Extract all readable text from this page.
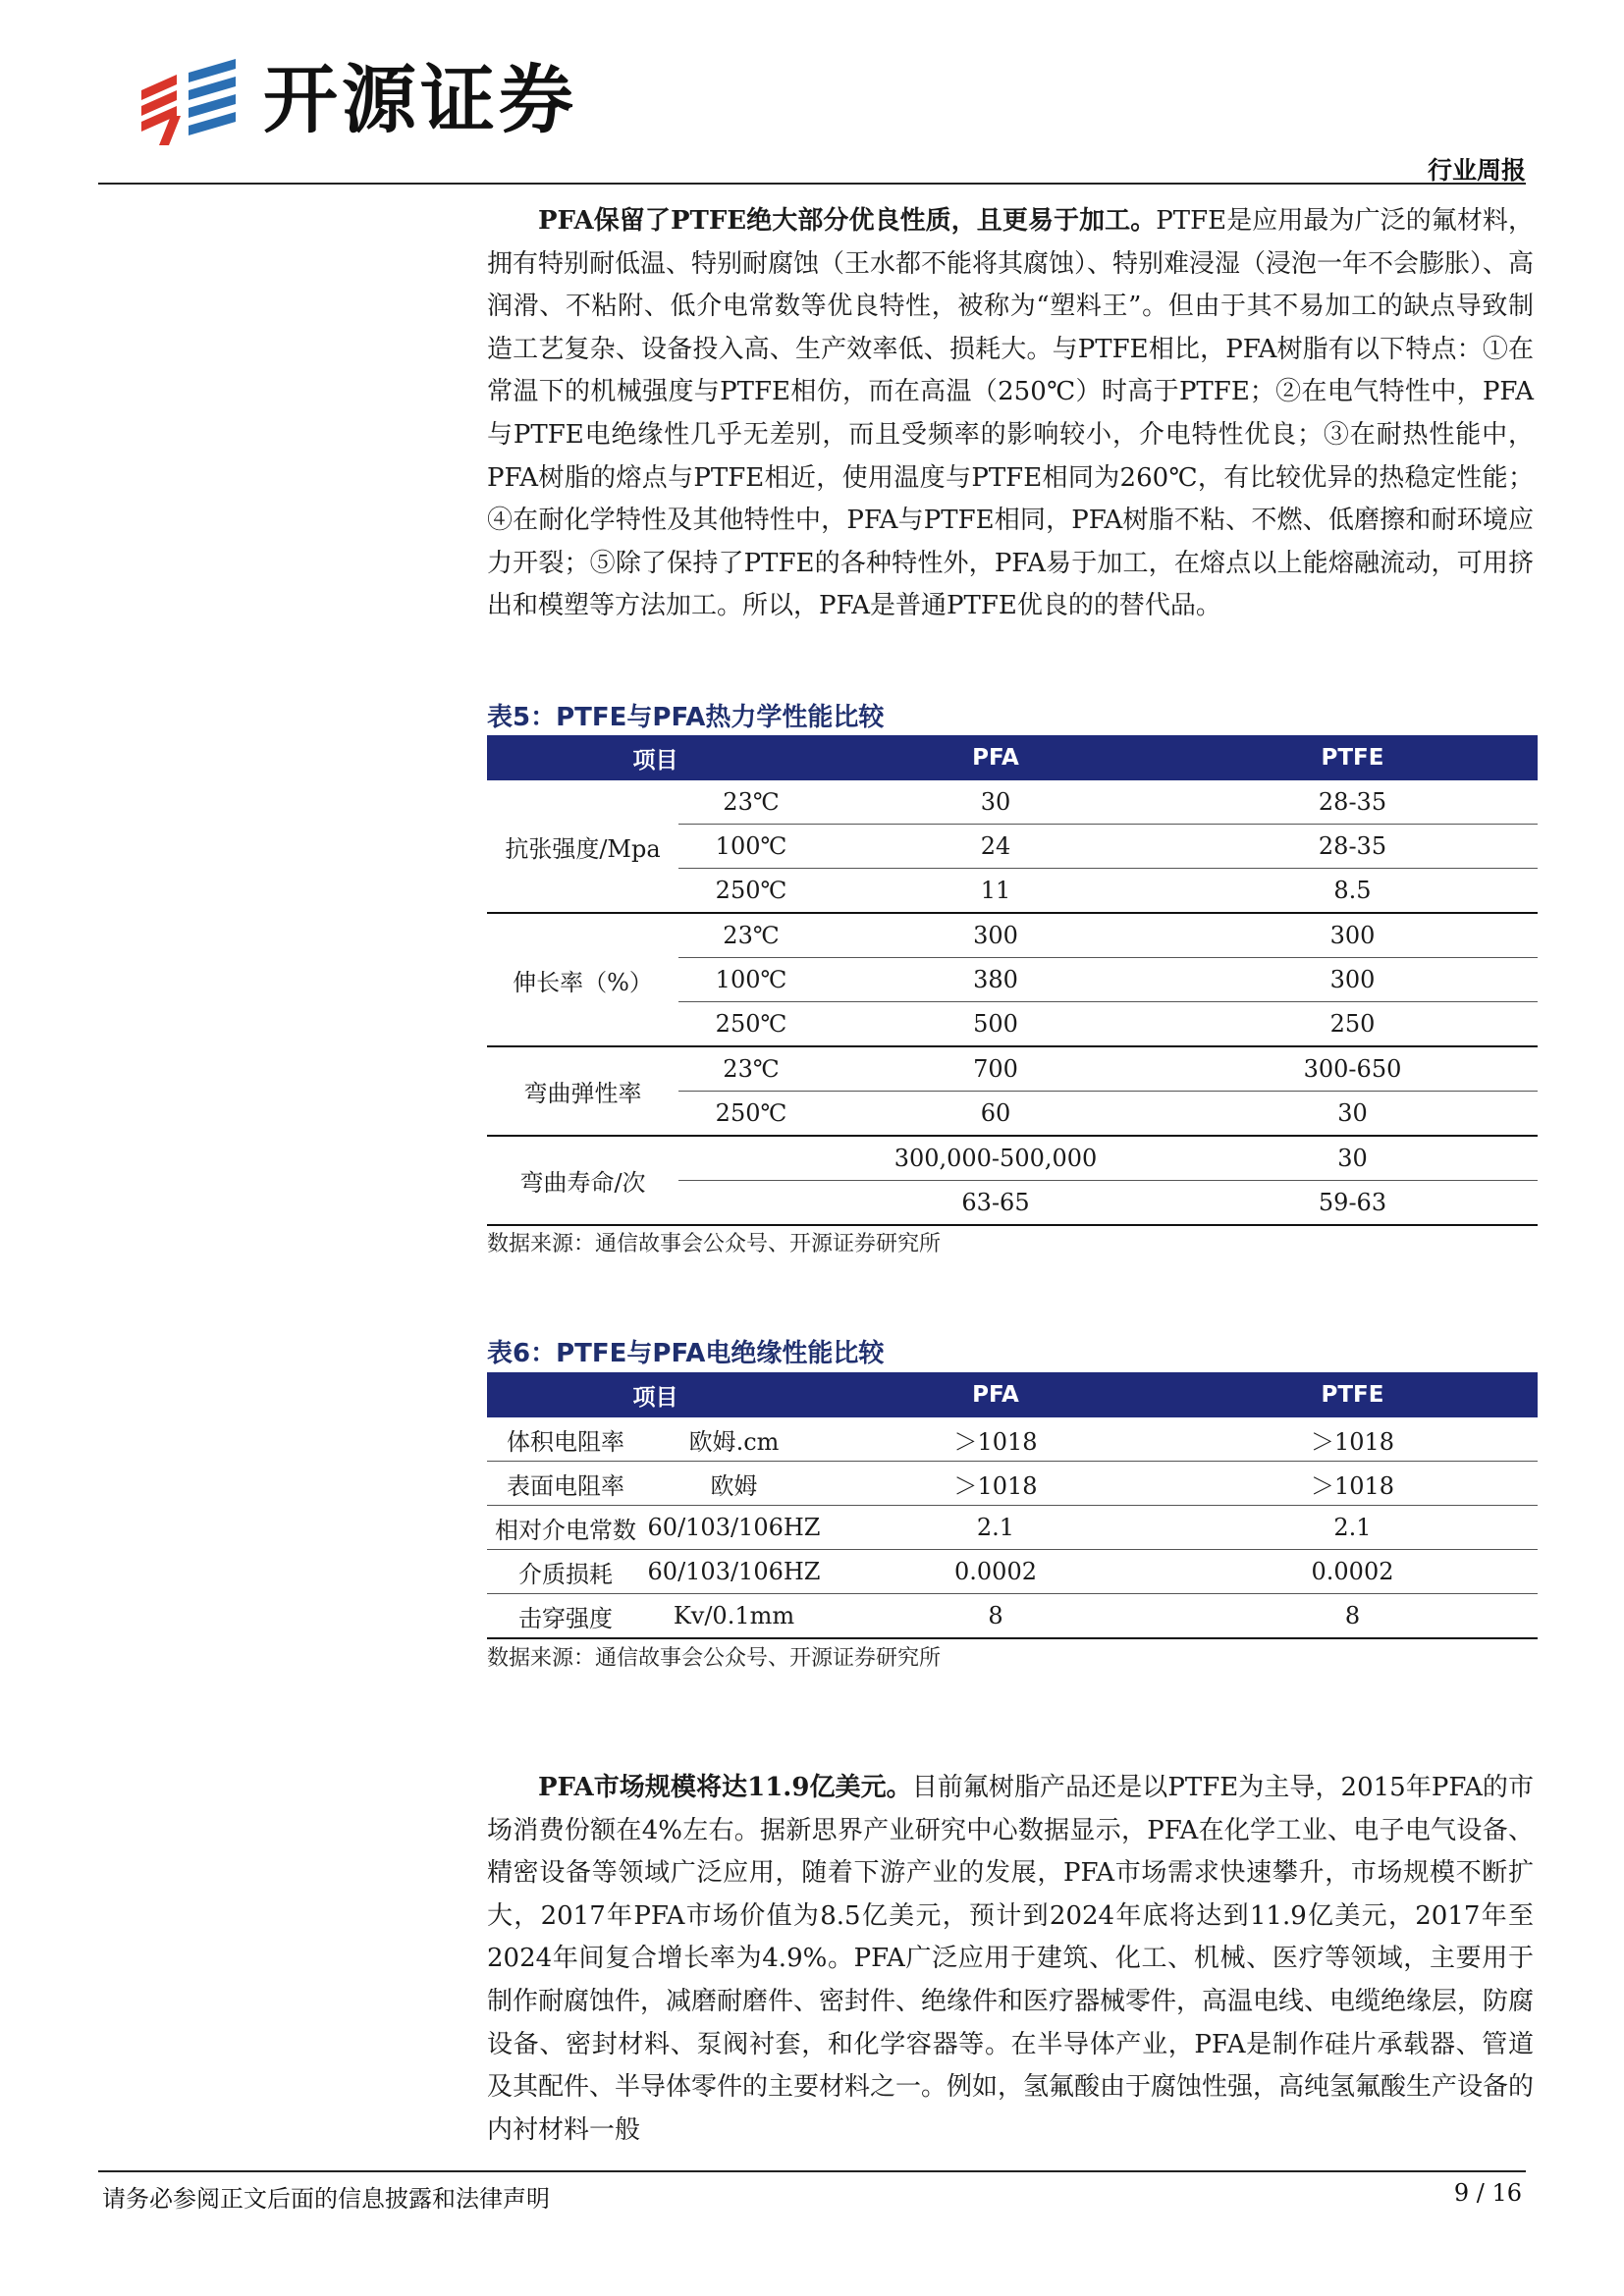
开源证券
行业周报

PFA保留了PTFE绝大部分优良性质，且更易于加工。PTFE是应用最为广泛的氟材料，拥有特别耐低温、特别耐腐蚀（王水都不能将其腐蚀）、特别难浸湿（浸泡一年不会膨胀）、高润滑、不粘附、低介电常数等优良特性，被称为“塑料王”。但由于其不易加工的缺点导致制造工艺复杂、设备投入高、生产效率低、损耗大。与PTFE相比，PFA树脂有以下特点：①在常温下的机械强度与PTFE相仿，而在高温（250℃）时高于PTFE；②在电气特性中，PFA与PTFE电绝缘性几乎无差别，而且受频率的影响较小，介电特性优良；③在耐热性能中，PFA树脂的熔点与PTFE相近，使用温度与PTFE相同为260℃，有比较优异的热稳定性能；④在耐化学特性及其他特性中，PFA与PTFE相同，PFA树脂不粘、不燃、低磨擦和耐环境应力开裂；⑤除了保持了PTFE的各种特性外，PFA易于加工，在熔点以上能熔融流动，可用挤出和模塑等方法加工。所以，PFA是普通PTFE优良的的替代品。

表5：PTFE与PFA热力学性能比较
项目		PFA	PTFE
抗张强度/Mpa	23℃	30	28-35
	100℃	24	28-35
	250℃	11	8.5
伸长率（%）	23℃	300	300
	100℃	380	300
	250℃	500	250
弯曲弹性率	23℃	700	300-650
	250℃	60	30
弯曲寿命/次		300,000-500,000	30
		63-65	59-63
数据来源：通信故事会公众号、开源证券研究所
表6：PTFE与PFA电绝缘性能比较
项目		PFA	PTFE
体积电阻率	欧姆.cm	＞1018	＞1018
表面电阻率	欧姆	＞1018	＞1018
相对介电常数	60/103/106HZ	2.1	2.1
介质损耗	60/103/106HZ	0.0002	0.0002
击穿强度	Kv/0.1mm	8	8
数据来源：通信故事会公众号、开源证券研究所

PFA市场规模将达11.9亿美元。目前氟树脂产品还是以PTFE为主导，2015年PFA的市场消费份额在4%左右。据新思界产业研究中心数据显示，PFA在化学工业、电子电气设备、精密设备等领域广泛应用，随着下游产业的发展，PFA市场需求快速攀升，市场规模不断扩大，2017年PFA市场价值为8.5亿美元，预计到2024年底将达到11.9亿美元，2017年至2024年间复合增长率为4.9%。PFA广泛应用于建筑、化工、机械、医疗等领域，主要用于制作耐腐蚀件，减磨耐磨件、密封件、绝缘件和医疗器械零件，高温电线、电缆绝缘层，防腐设备、密封材料、泵阀衬套，和化学容器等。在半导体产业，PFA是制作硅片承载器、管道及其配件、半导体零件的主要材料之一。例如，氢氟酸由于腐蚀性强，高纯氢氟酸生产设备的内衬材料一般

请务必参阅正文后面的信息披露和法律声明	9 / 16
